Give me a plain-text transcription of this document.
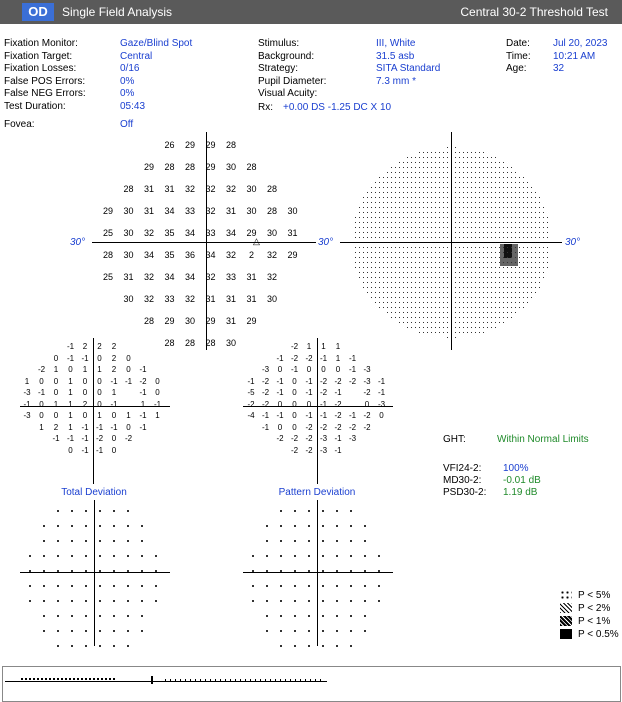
OD	Single Field Analysis	Central 30-2 Threshold Test
Fixation Monitor:	Gaze/Blind Spot
Fixation Target:	Central
Fixation Losses:	0/16
False POS Errors:	0%
False NEG Errors:	0%
Test Duration:	05:43
Fovea:	Off
Stimulus:	III, White
Background:	31.5 asb
Strategy:	SITA Standard
Pupil Diameter:	7.3 mm *
Visual Acuity:
Date: Jul 20, 2023
Time: 10:21 AM
Age:	32
Rx: +0.00 DS -1.25 DC X 10
30°	30°
△
26	29	29	28
29	28	28	29	30	28
28	31	31	32	32	32	30	28
29	30	31	34	33	32	31	30	28	30
25	30	32	35	34	33	34	29	30	31
28	30	34	35	36	34	32	2	32	29
25	31	32	34	34	32	33	31	32
30	32	33	32	31	31	31	30
28	29	30	29	31	29
28	28	28	30
30°
-1	2	2	2
0	-1 -1	0	2	0
-2	1	0	1	1	2	0	-1
1	0	0	1	0	0	-1 -1 -2	0
-3 -1	0	1	0	0	1	-1	0
-1	0	1	1	2	0	-1	1	-1
-3	0	0	1	0	1	0	1	-1	1
1	2	1	-1 -1 -1	0	-1
-1 -1 -1 -2	0	-2
0	-1 -1	0
Total Deviation
-2	1	1	1
-1 -2 -2 -1	1	-1
-3	0	-1	0	0	0	-1 -3
-1 -2 -1	0	-1 -2 -2 -2 -3 -1
-5 -2 -1	0	-1 -2 -1	-2 -1
-2 -2	0	0	0	-1 -2	0	-3
-4 -1 -1	0	-1 -1 -2 -1 -2	0
-1	0	0	-2 -2 -2 -2 -2
-2 -2 -2 -3 -1 -3
-2 -2 -3 -1
Pattern Deviation
GHT:	Within Normal Limits
VFI24-2: 100%
MD30-2: -0.01 dB
PSD30-2: 1.19 dB
P < 5%
P < 2%
P < 1%
P < 0.5%
